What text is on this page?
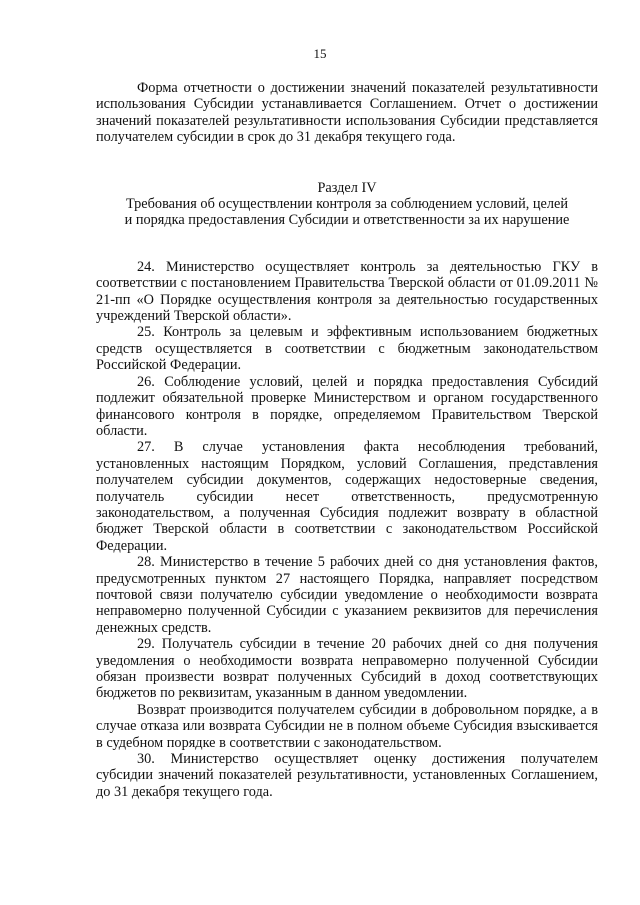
15

Форма отчетности о достижении значений показателей результативности использования Субсидии устанавливается Соглашением. Отчет о достижении значений показателей результативности использования Субсидии представляется получателем субсидии в срок до 31 декабря текущего года.

Раздел IV

Требования об осуществлении контроля за соблюдением условий, целей

и порядка предоставления Субсидии и ответственности за их нарушение

24. Министерство осуществляет контроль за деятельностью ГКУ в соответствии с постановлением Правительства Тверской области от 01.09.2011 № 21-пп «О Порядке осуществления контроля за деятельностью государственных учреждений Тверской области».

25. Контроль за целевым и эффективным использованием бюджетных средств осуществляется в соответствии с бюджетным законодательством Российской Федерации.

26. Соблюдение условий, целей и порядка предоставления Субсидий подлежит обязательной проверке Министерством и органом государственного финансового контроля в порядке, определяемом Правительством Тверской области.

27. В случае установления факта несоблюдения требований, установленных настоящим Порядком, условий Соглашения, представления получателем субсидии документов, содержащих недостоверные сведения, получатель субсидии несет ответственность, предусмотренную законодательством, а полученная Субсидия подлежит возврату в областной бюджет Тверской области в соответствии с законодательством Российской Федерации.

28. Министерство в течение 5 рабочих дней со дня установления фактов, предусмотренных пунктом 27 настоящего Порядка, направляет посредством почтовой связи получателю субсидии уведомление о необходимости возврата неправомерно полученной Субсидии с указанием реквизитов для перечисления денежных средств.

29. Получатель субсидии в течение 20 рабочих дней со дня получения уведомления о необходимости возврата неправомерно полученной Субсидии обязан произвести возврат полученных Субсидий в доход соответствующих бюджетов по реквизитам, указанным в данном уведомлении.

Возврат производится получателем субсидии в добровольном порядке, а в случае отказа или возврата Субсидии не в полном объеме Субсидия взыскивается в судебном порядке в соответствии с законодательством.

30. Министерство осуществляет оценку достижения получателем субсидии значений показателей результативности, установленных Соглашением, до 31 декабря текущего года.
